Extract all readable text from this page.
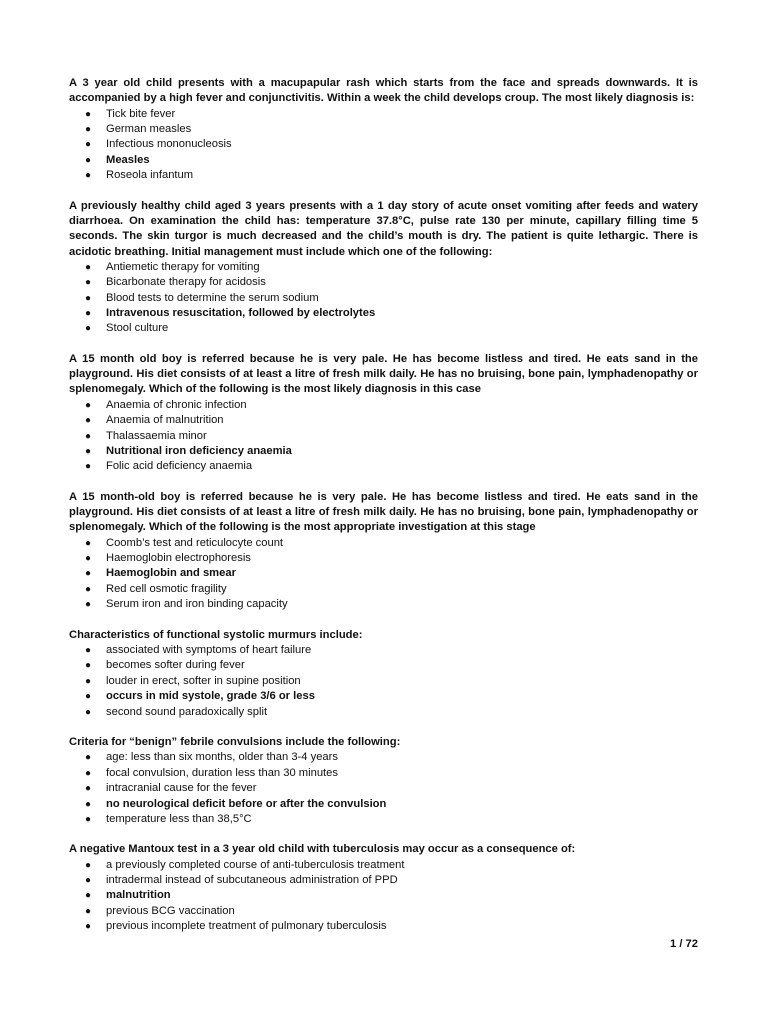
A 3 year old child presents with a macupapular rash which starts from the face and spreads downwards. It is accompanied by a high fever and conjunctivitis. Within a week the child develops croup. The most likely diagnosis is:

● Tick bite fever
● German measles
● Infectious mononucleosis
● Measles
● Roseola infantum

A previously healthy child aged 3 years presents with a 1 day story of acute onset vomiting after feeds and watery diarrhoea. On examination the child has: temperature 37.8°C, pulse rate 130 per minute, capillary filling time 5 seconds. The skin turgor is much decreased and the child’s mouth is dry. The patient is quite lethargic. There is acidotic breathing. Initial management must include which one of the following:

● Antiemetic therapy for vomiting
● Bicarbonate therapy for acidosis
● Blood tests to determine the serum sodium
● Intravenous resuscitation, followed by electrolytes
● Stool culture

A 15 month old boy is referred because he is very pale. He has become listless and tired. He eats sand in the playground. His diet consists of at least a litre of fresh milk daily. He has no bruising, bone pain, lymphadenopathy or splenomegaly. Which of the following is the most likely diagnosis in this case

● Anaemia of chronic infection
● Anaemia of malnutrition
● Thalassaemia minor
● Nutritional iron deficiency anaemia
● Folic acid deficiency anaemia

A 15 month-old boy is referred because he is very pale. He has become listless and tired. He eats sand in the playground. His diet consists of at least a litre of fresh milk daily. He has no bruising, bone pain, lymphadenopathy or splenomegaly. Which of the following is the most appropriate investigation at this stage

● Coomb’s test and reticulocyte count
● Haemoglobin electrophoresis
● Haemoglobin and smear
● Red cell osmotic fragility
● Serum iron and iron binding capacity

Characteristics of functional systolic murmurs include:

● associated with symptoms of heart failure
● becomes softer during fever
● louder in erect, softer in supine position
● occurs in mid systole, grade 3/6 or less
● second sound paradoxically split

Criteria for “benign” febrile convulsions include the following:

● age: less than six months, older than 3-4 years
● focal convulsion, duration less than 30 minutes
● intracranial cause for the fever
● no neurological deficit before or after the convulsion
● temperature less than 38,5°C

A negative Mantoux test in a 3 year old child with tuberculosis may occur as a consequence of:

● a previously completed course of anti-tuberculosis treatment
● intradermal instead of subcutaneous administration of PPD
● malnutrition
● previous BCG vaccination
● previous incomplete treatment of pulmonary tuberculosis
1 / 72
